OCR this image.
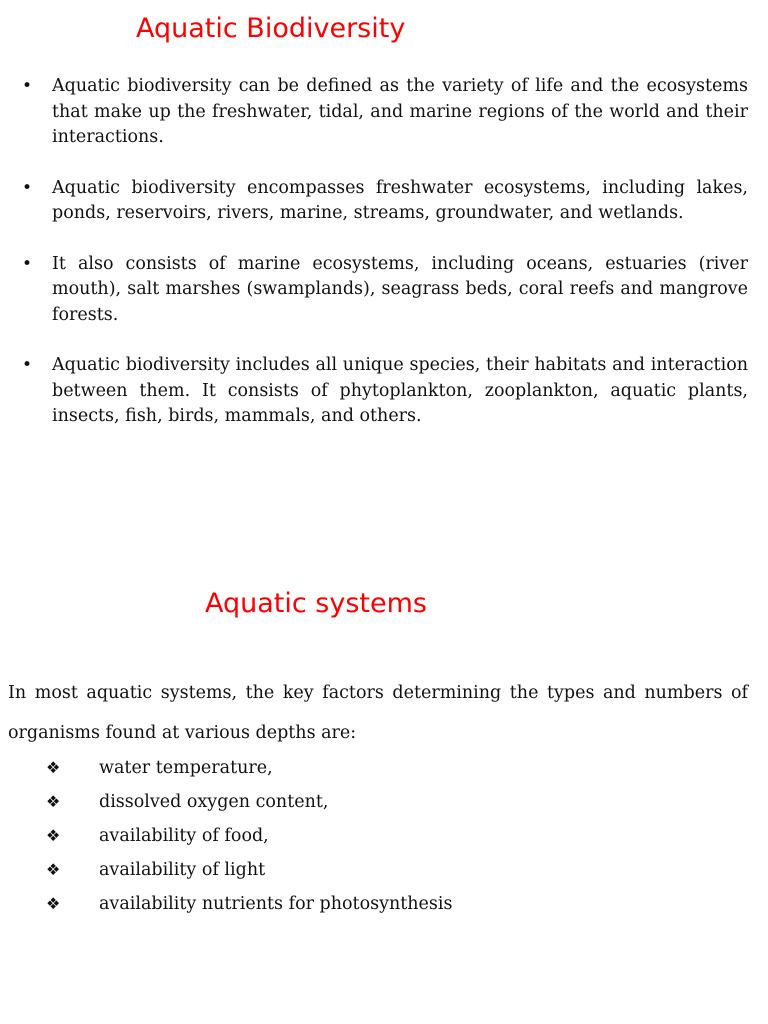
Aquatic Biodiversity
• Aquatic biodiversity can be defined as the variety of life and the ecosystems that make up the freshwater, tidal, and marine regions of the world and their interactions.
• Aquatic biodiversity encompasses freshwater ecosystems, including lakes, ponds, reservoirs, rivers, marine, streams, groundwater, and wetlands.
• It also consists of marine ecosystems, including oceans, estuaries (river mouth), salt marshes (swamplands), seagrass beds, coral reefs and mangrove forests.
• Aquatic biodiversity includes all unique species, their habitats and interaction between them. It consists of phytoplankton, zooplankton, aquatic plants, insects, fish, birds, mammals, and others.
Aquatic systems

In most aquatic systems, the key factors determining the types and numbers of organisms found at various depths are:

❖ water temperature,
❖ dissolved oxygen content,
❖ availability of food,
❖ availability of light
❖ availability nutrients for photosynthesis
